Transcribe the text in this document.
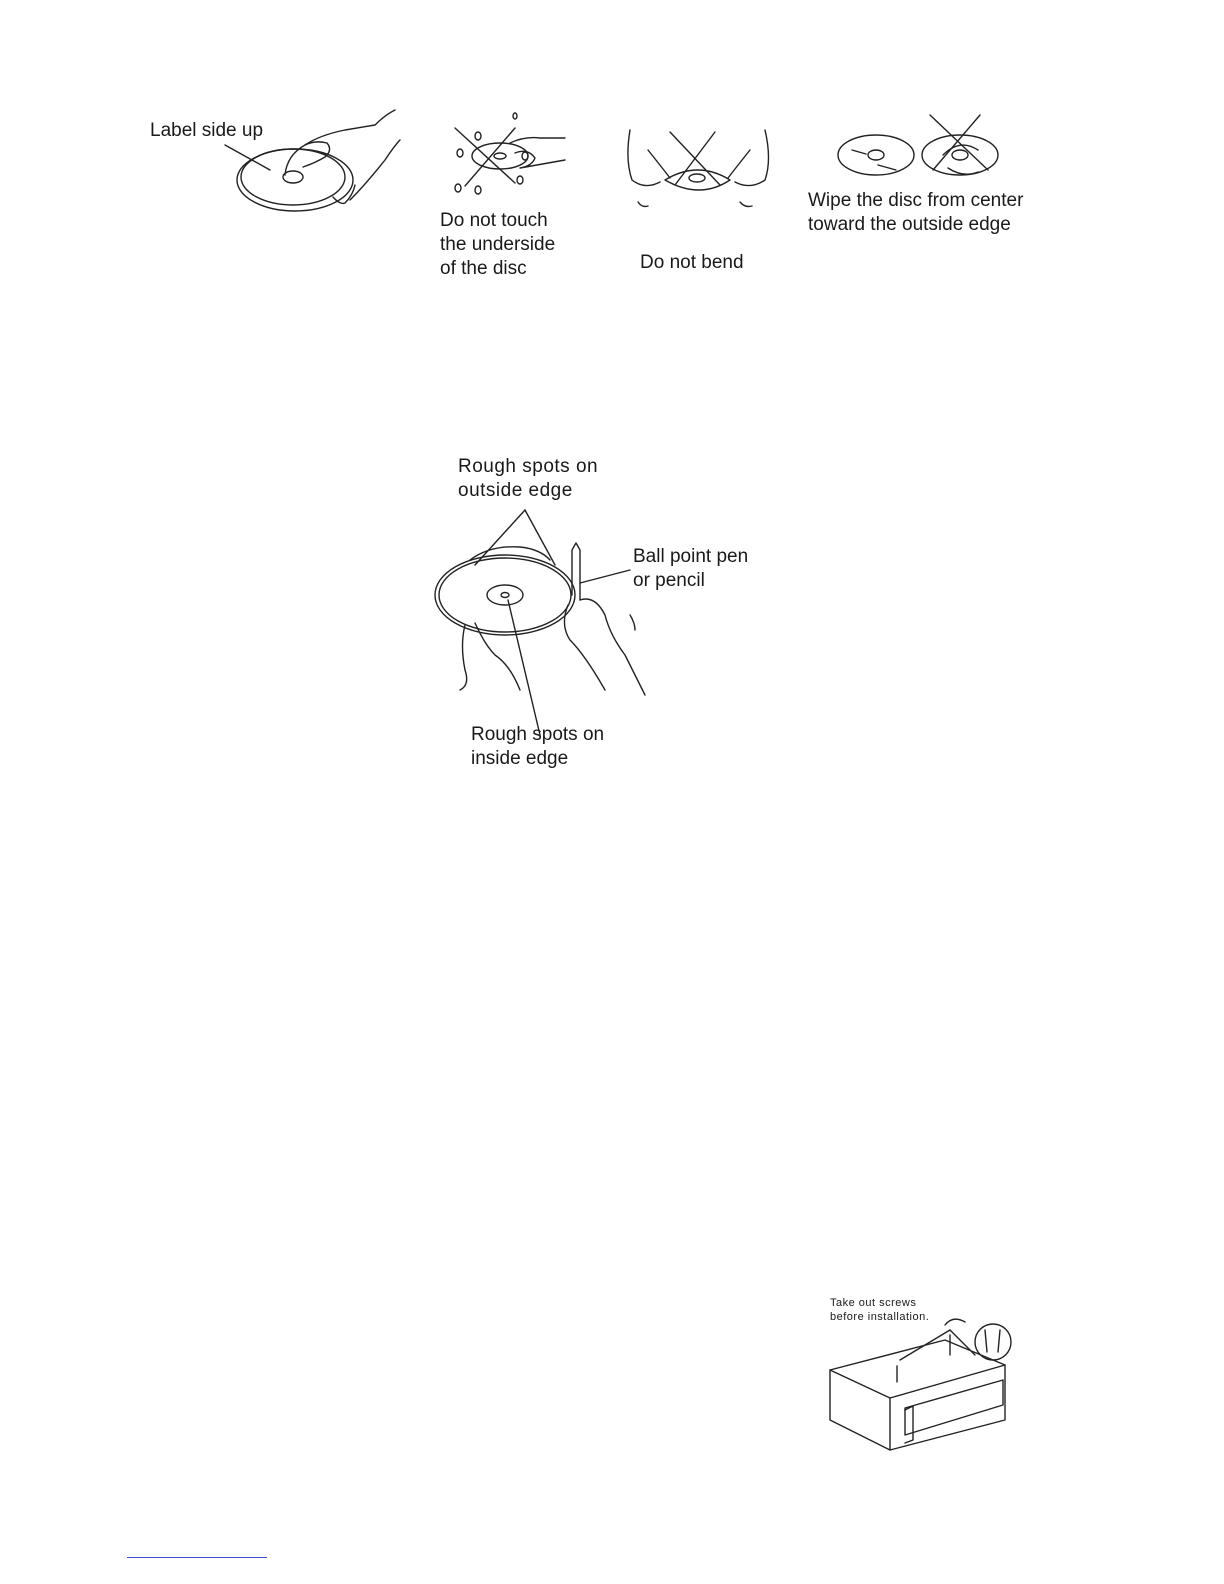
Label side up
Do not touch
the underside
of the disc	Do not bend
Wipe the disc from center
toward the outside edge
Rough spots on
outside edge
Ball point pen
or pencil
Rough spots on
inside edge
Take out screws
before installation.
